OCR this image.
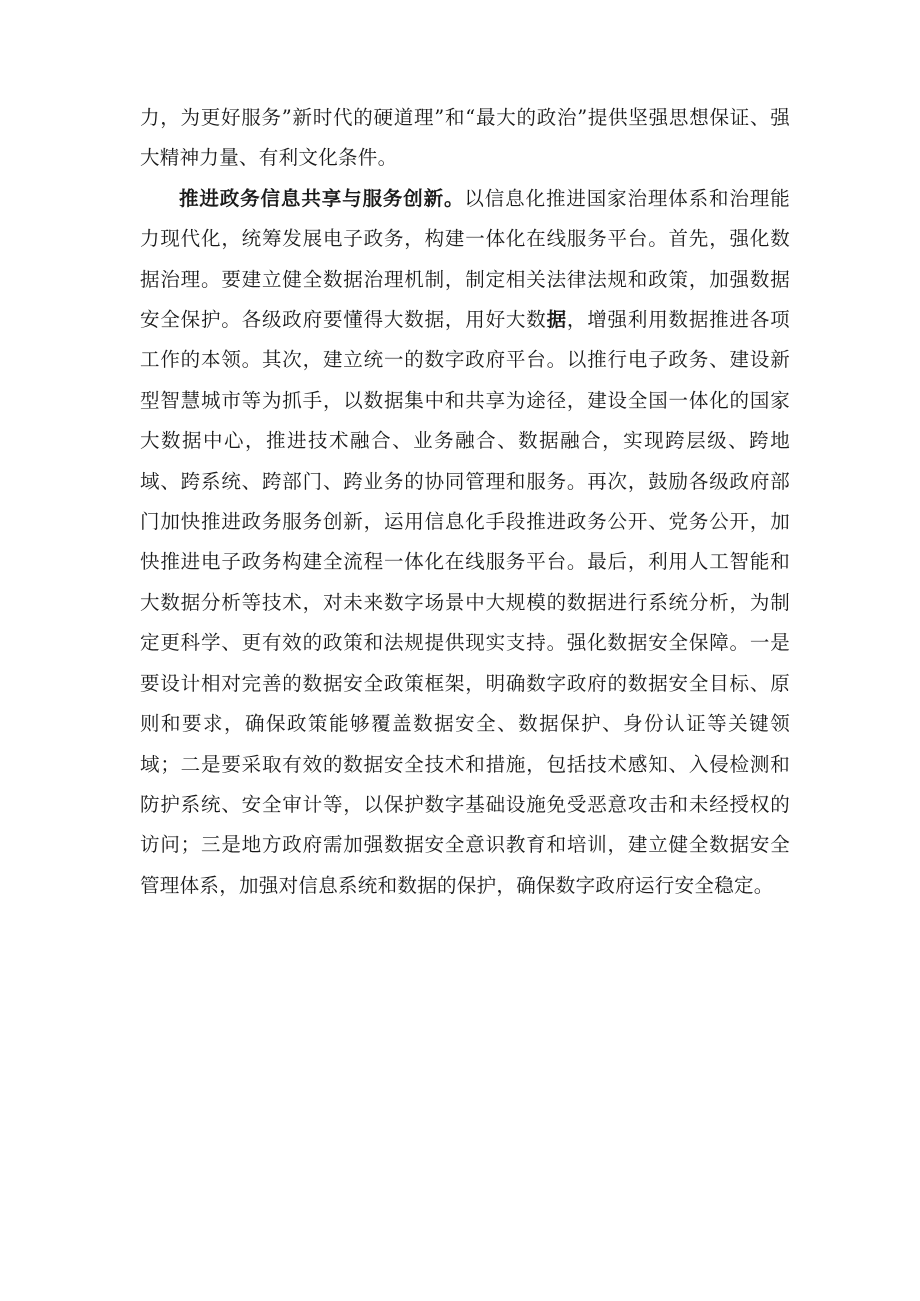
力，为更好服务”新时代的硬道理”和“最大的政治”提供坚强思想保证、强大精神力量、有利文化条件。

推进政务信息共享与服务创新。以信息化推进国家治理体系和治理能力现代化，统筹发展电子政务，构建一体化在线服务平台。首先，强化数据治理。要建立健全数据治理机制，制定相关法律法规和政策，加强数据安全保护。各级政府要懂得大数据，用好大数据，增强利用数据推进各项工作的本领。其次，建立统一的数字政府平台。以推行电子政务、建设新型智慧城市等为抓手，以数据集中和共享为途径，建设全国一体化的国家大数据中心，推进技术融合、业务融合、数据融合，实现跨层级、跨地域、跨系统、跨部门、跨业务的协同管理和服务。再次，鼓励各级政府部门加快推进政务服务创新，运用信息化手段推进政务公开、党务公开，加快推进电子政务构建全流程一体化在线服务平台。最后，利用人工智能和大数据分析等技术，对未来数字场景中大规模的数据进行系统分析，为制定更科学、更有效的政策和法规提供现实支持。强化数据安全保障。一是要设计相对完善的数据安全政策框架，明确数字政府的数据安全目标、原则和要求，确保政策能够覆盖数据安全、数据保护、身份认证等关键领域；二是要采取有效的数据安全技术和措施，包括技术感知、入侵检测和防护系统、安全审计等，以保护数字基础设施免受恶意攻击和未经授权的访问；三是地方政府需加强数据安全意识教育和培训，建立健全数据安全管理体系，加强对信息系统和数据的保护，确保数字政府运行安全稳定。
